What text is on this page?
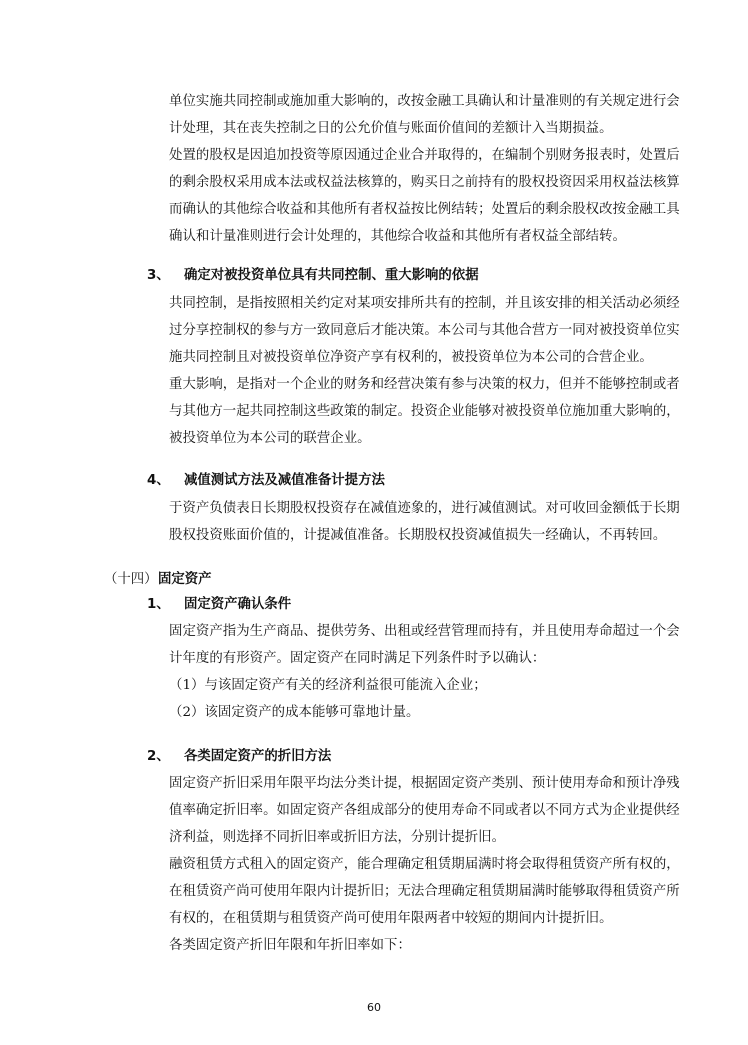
单位实施共同控制或施加重大影响的，改按金融工具确认和计量准则的有关规定进行会
计处理，其在丧失控制之日的公允价值与账面价值间的差额计入当期损益。
处置的股权是因追加投资等原因通过企业合并取得的，在编制个别财务报表时，处置后
的剩余股权采用成本法或权益法核算的，购买日之前持有的股权投资因采用权益法核算
而确认的其他综合收益和其他所有者权益按比例结转；处置后的剩余股权改按金融工具
确认和计量准则进行会计处理的，其他综合收益和其他所有者权益全部结转。
3、 确定对被投资单位具有共同控制、重大影响的依据
共同控制，是指按照相关约定对某项安排所共有的控制，并且该安排的相关活动必须经
过分享控制权的参与方一致同意后才能决策。本公司与其他合营方一同对被投资单位实
施共同控制且对被投资单位净资产享有权利的，被投资单位为本公司的合营企业。
重大影响，是指对一个企业的财务和经营决策有参与决策的权力，但并不能够控制或者
与其他方一起共同控制这些政策的制定。投资企业能够对被投资单位施加重大影响的，
被投资单位为本公司的联营企业。
4、 减值测试方法及减值准备计提方法
于资产负债表日长期股权投资存在减值迹象的，进行减值测试。对可收回金额低于长期
股权投资账面价值的，计提减值准备。长期股权投资减值损失一经确认，不再转回。
（十四） 固定资产
1、 固定资产确认条件
固定资产指为生产商品、提供劳务、出租或经营管理而持有，并且使用寿命超过一个会
计年度的有形资产。固定资产在同时满足下列条件时予以确认：
（1）与该固定资产有关的经济利益很可能流入企业；
（2）该固定资产的成本能够可靠地计量。
2、 各类固定资产的折旧方法
固定资产折旧采用年限平均法分类计提，根据固定资产类别、预计使用寿命和预计净残
值率确定折旧率。如固定资产各组成部分的使用寿命不同或者以不同方式为企业提供经
济利益，则选择不同折旧率或折旧方法，分别计提折旧。
融资租赁方式租入的固定资产，能合理确定租赁期届满时将会取得租赁资产所有权的，
在租赁资产尚可使用年限内计提折旧；无法合理确定租赁期届满时能够取得租赁资产所
有权的，在租赁期与租赁资产尚可使用年限两者中较短的期间内计提折旧。
各类固定资产折旧年限和年折旧率如下：
60
